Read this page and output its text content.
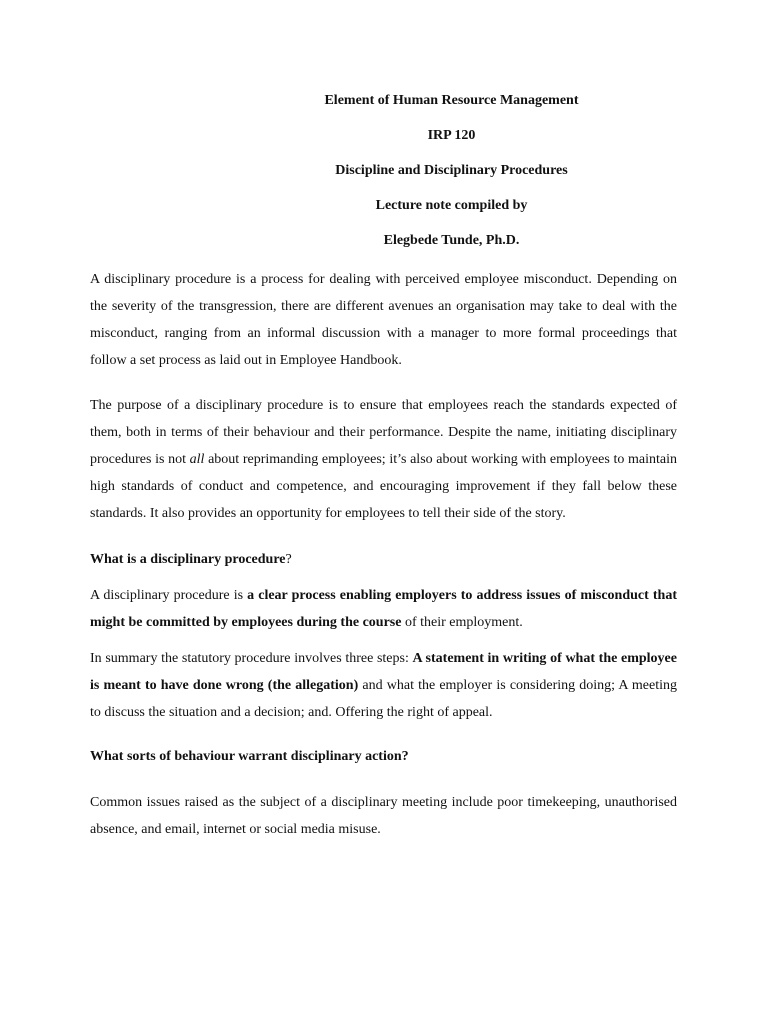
Element of Human Resource Management
IRP 120
Discipline and Disciplinary Procedures
Lecture note compiled by
Elegbede Tunde, Ph.D.

A disciplinary procedure is a process for dealing with perceived employee misconduct. Depending on the severity of the transgression, there are different avenues an organisation may take to deal with the misconduct, ranging from an informal discussion with a manager to more formal proceedings that follow a set process as laid out in Employee Handbook.

The purpose of a disciplinary procedure is to ensure that employees reach the standards expected of them, both in terms of their behaviour and their performance. Despite the name, initiating disciplinary procedures is not all about reprimanding employees; it’s also about working with employees to maintain high standards of conduct and competence, and encouraging improvement if they fall below these standards. It also provides an opportunity for employees to tell their side of the story.

What is a disciplinary procedure?

A disciplinary procedure is a clear process enabling employers to address issues of misconduct that might be committed by employees during the course of their employment.

In summary the statutory procedure involves three steps: A statement in writing of what the employee is meant to have done wrong (the allegation) and what the employer is considering doing; A meeting to discuss the situation and a decision; and. Offering the right of appeal.

What sorts of behaviour warrant disciplinary action?

Common issues raised as the subject of a disciplinary meeting include poor timekeeping, unauthorised absence, and email, internet or social media misuse.
